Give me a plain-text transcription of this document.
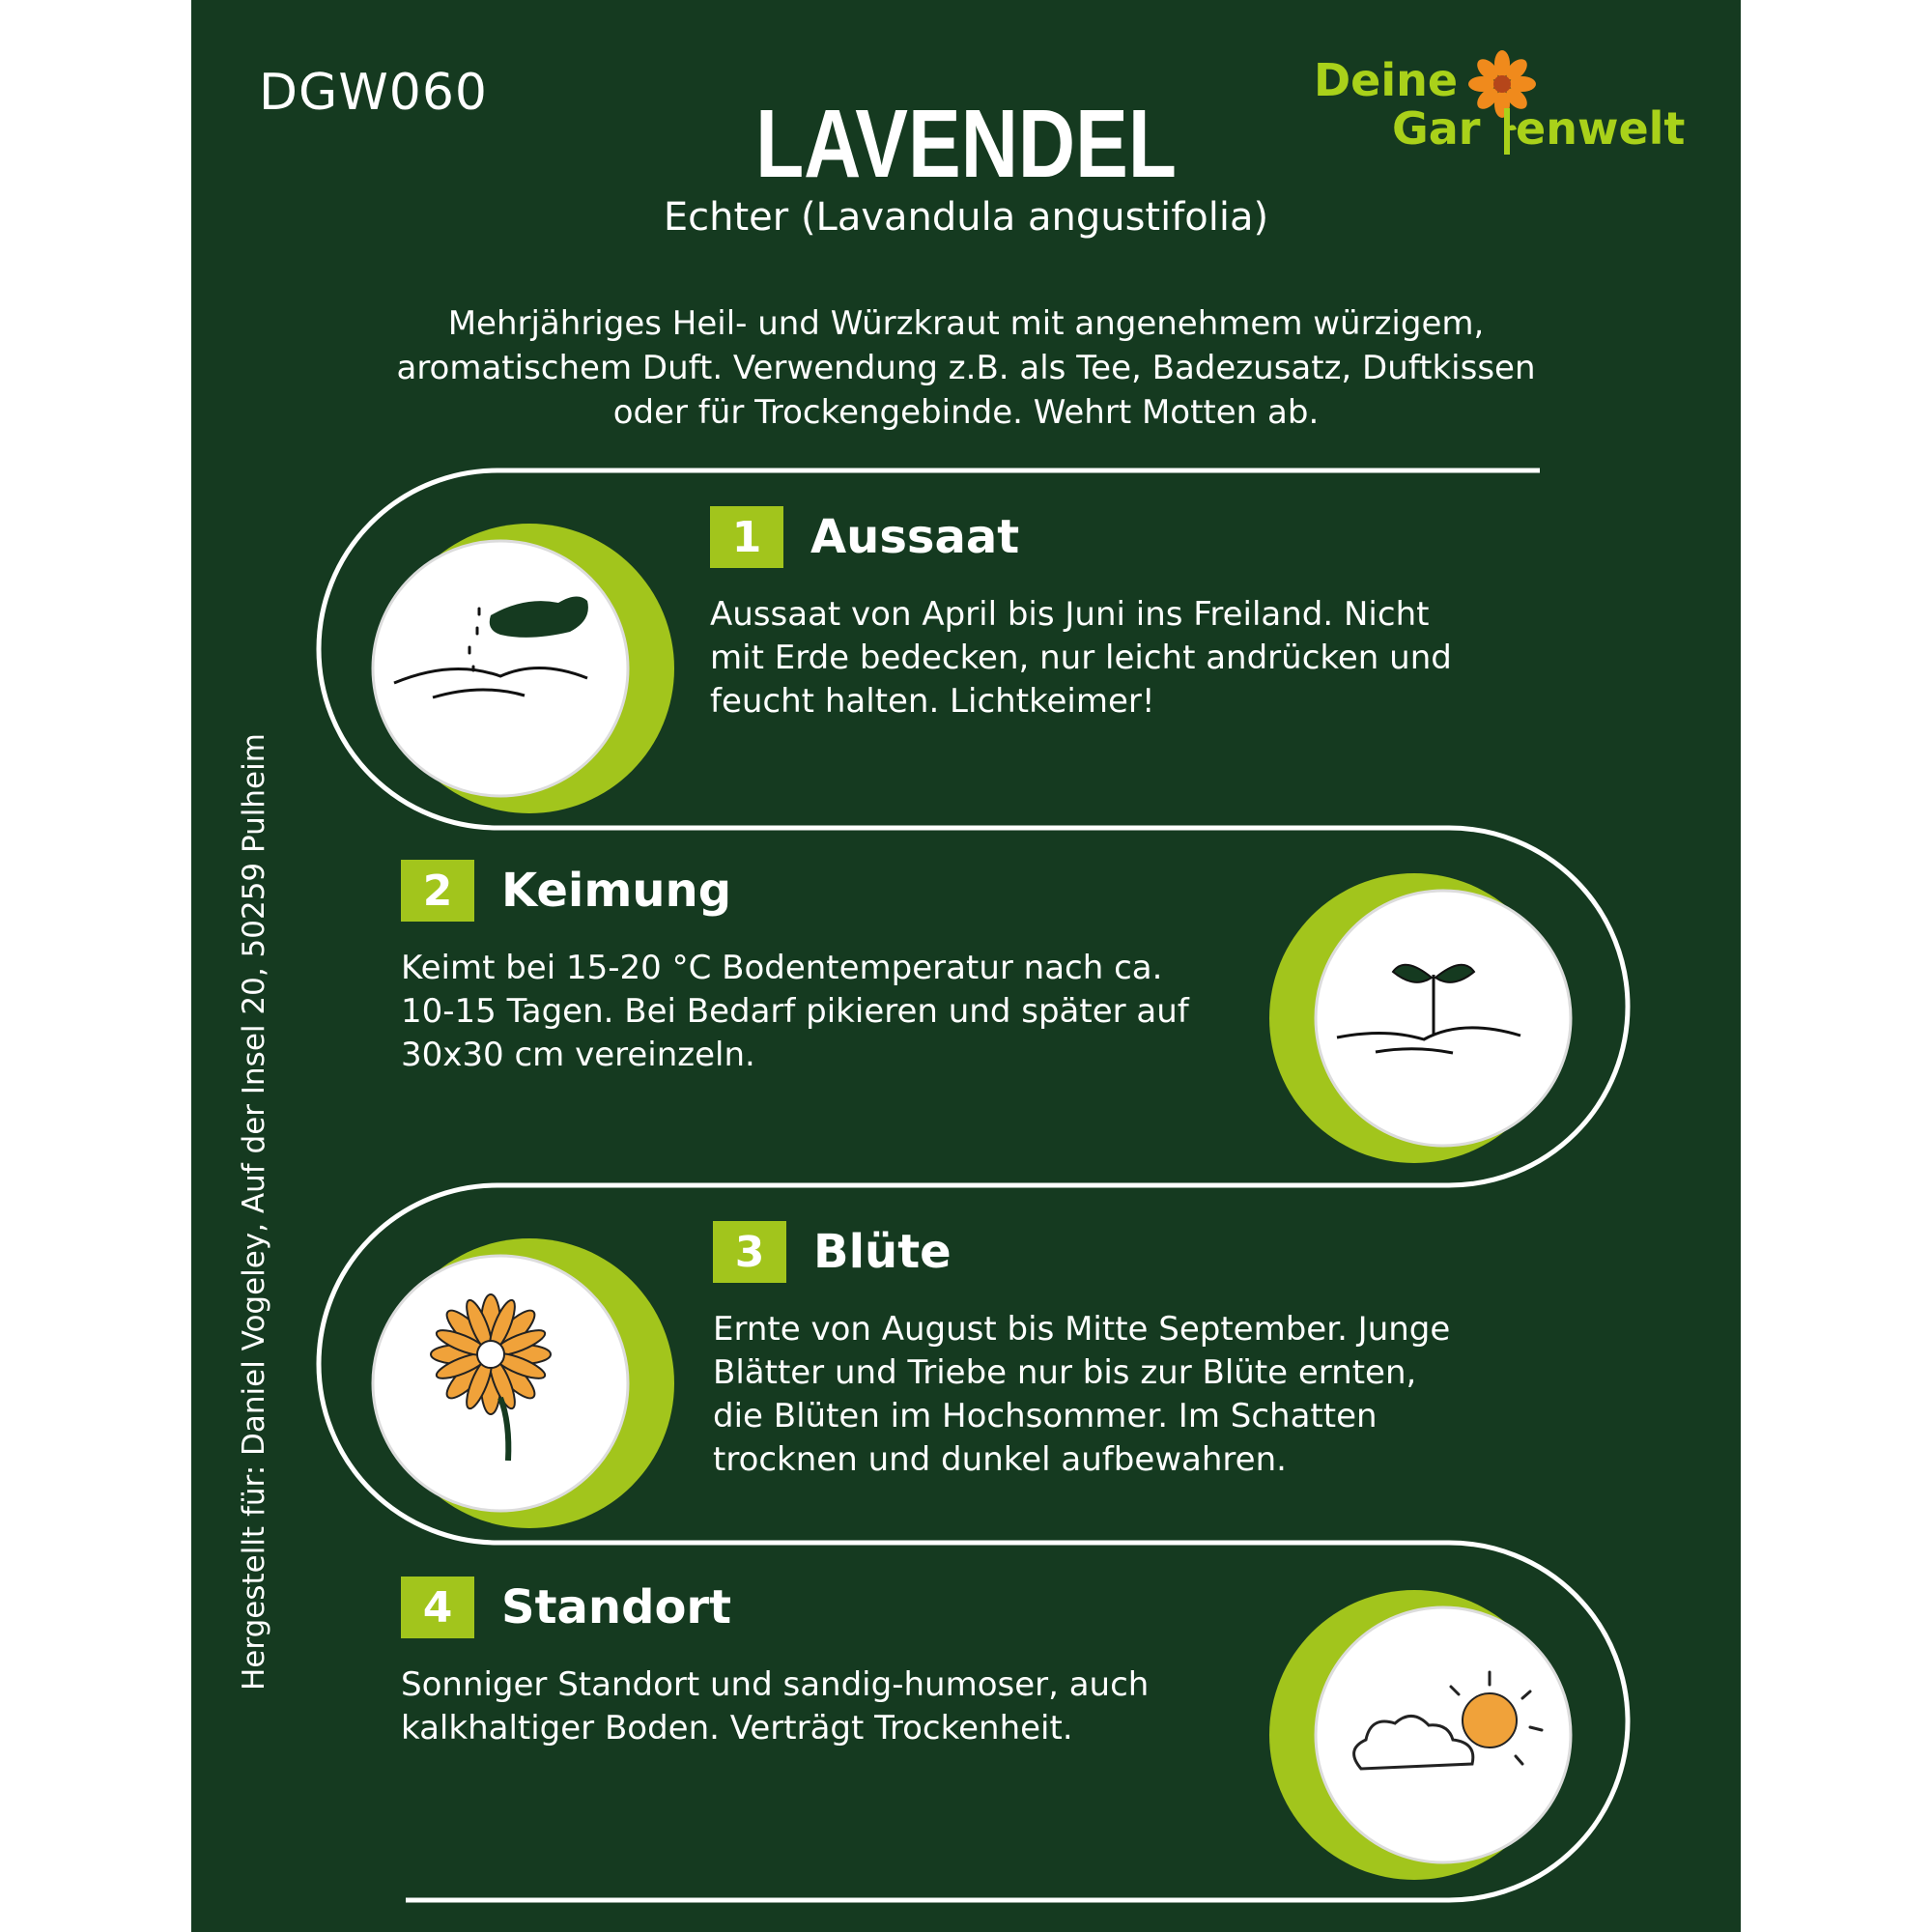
DGW060	LAVENDEL
Echter (Lavandula angustifolia)
Mehrjähriges Heil- und Würzkraut mit angenehmem würzigem,
aromatischem Duft. Verwendung z.B. als Tee, Badezusatz, Duftkissen
oder für Trockengebinde. Wehrt Motten ab.
Deine
Gar enwelt
Hergestellt für: Daniel Vogeley, Auf der Insel 20, 50259 Pulheim
1	Aussaat
Aussaat von April bis Juni ins Freiland. Nicht
mit Erde bedecken, nur leicht andrücken und
feucht halten. Lichtkeimer!
2	Keimung
Keimt bei 15-20 °C Bodentemperatur nach ca.
10-15 Tagen. Bei Bedarf pikieren und später auf
30x30 cm vereinzeln.
3	Blüte
Ernte von August bis Mitte September. Junge
Blätter und Triebe nur bis zur Blüte ernten,
die Blüten im Hochsommer. Im Schatten
trocknen und dunkel aufbewahren.
4	Standort
Sonniger Standort und sandig-humoser, auch
kalkhaltiger Boden. Verträgt Trockenheit.
